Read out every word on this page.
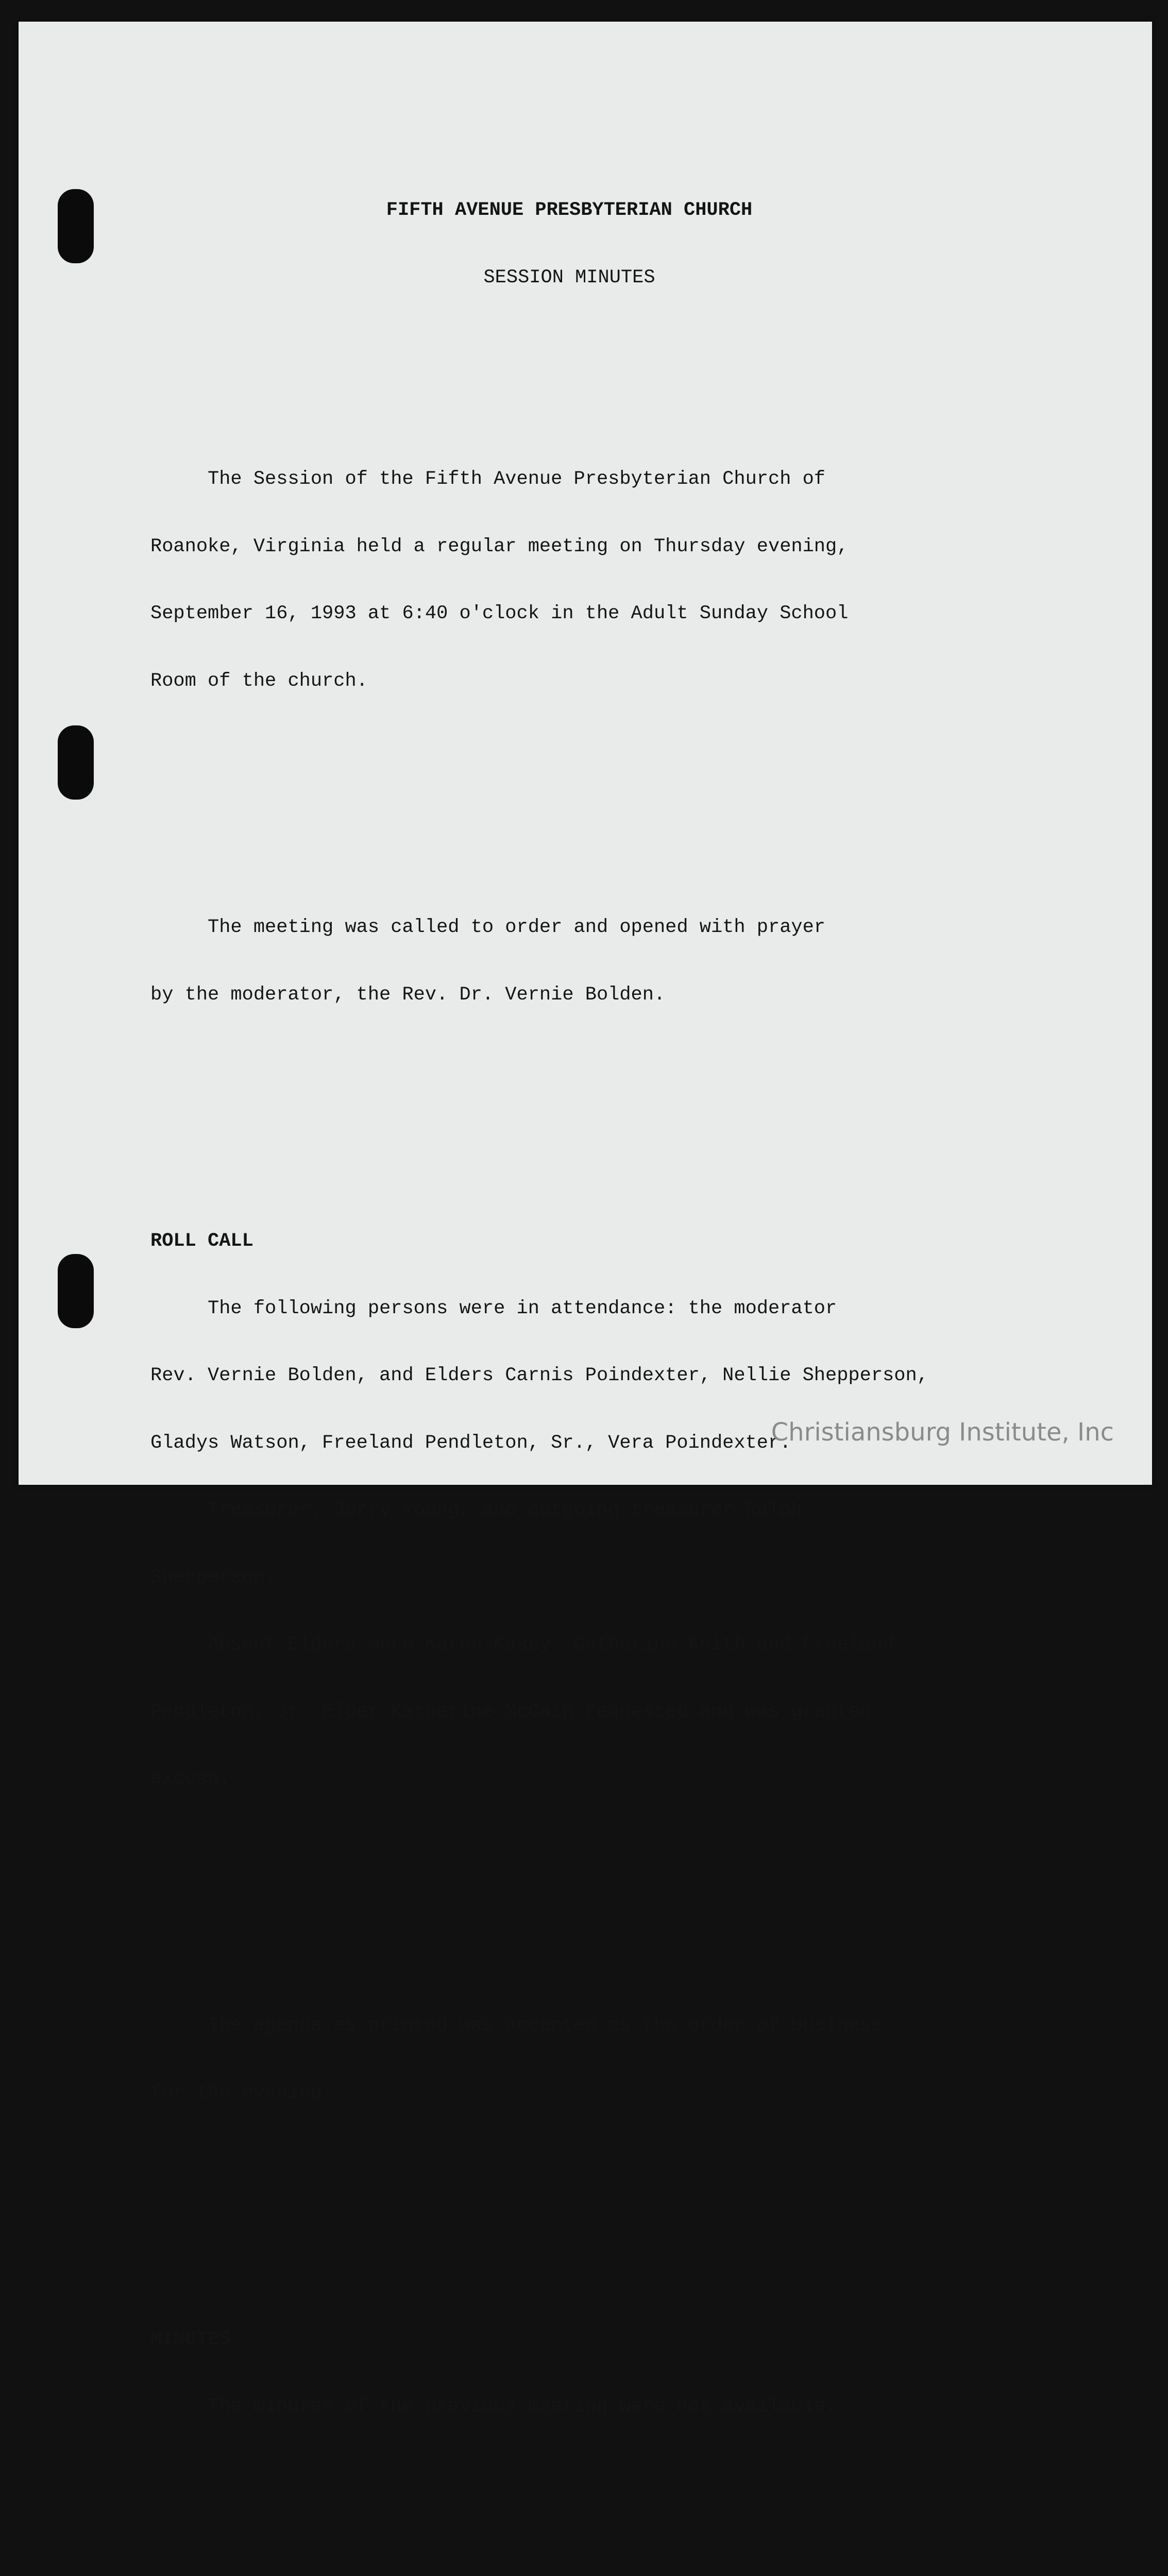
FIFTH AVENUE PRESBYTERIAN CHURCH

SESSION MINUTES

The Session of the Fifth Avenue Presbyterian Church of

Roanoke, Virginia held a regular meeting on Thursday evening,

September 16, 1993 at 6:40 o'clock in the Adult Sunday School

Room of the church.

The meeting was called to order and opened with prayer

by the moderator, the Rev. Dr. Vernie Bolden.

ROLL CALL

The following persons were in attendance: the moderator

Rev. Vernie Bolden, and Elders Carnis Poindexter, Nellie Shepperson,

Gladys Watson, Freeland Pendleton, Sr., Vera Poindexter.

Treasurer, Jerry Young, and outgoing treasurer Ralph

Shepperson.

Absent Elders were Karen Kasey, Catherine Keith and Freeland

Pendleton, Jr. Elder Katherine McCain requested and was granted

excuse.

The agenda as printed was accepted as the order of business

for the evening.

MINUTES

The minutes of the previous meeting were not available.

Christiansburg Institute, Inc
